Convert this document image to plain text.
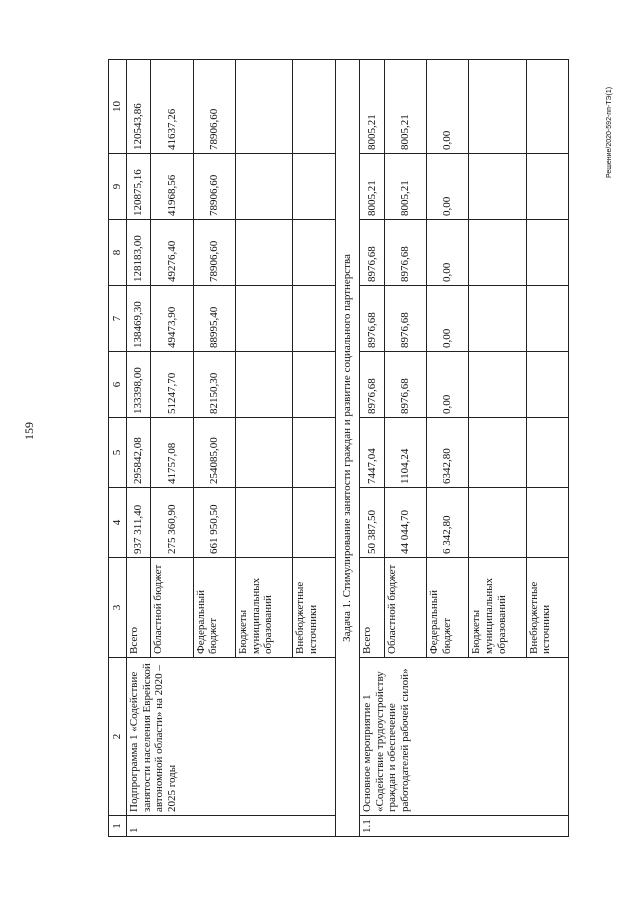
159
Решение/2020-592-пп-ТЭ(1)
1	2	3	4	5	6	7	8	9	10
1	Подпрограмма 1 «Содействие занятости населения Еврейской автономной области» на 2020 – 2025 годы	Всего	937 311,40	295842,08	133398,00	138469,30	128183,00	120875,16	120543,86
		Областной бюджет	275 360,90	41757,08	51247,70	49473,90	49276,40	41968,56	41637,26
		Федеральный бюджет	661 950,50	254085,00	82150,30	88995,40	78906,60	78906,60	78906,60
		Бюджеты муниципальных образований							
		Внебюджетные источники							
Задача 1. Стимулирование занятости граждан и развитие социального партнерства									
1.1	Основное мероприятие 1 «Содействие трудоустройству граждан и обеспечение работодателей рабочей силой»	Всего	50 387,50	7447,04	8976,68	8976,68	8976,68	8005,21	8005,21
		Областной бюджет	44 044,70	1104,24	8976,68	8976,68	8976,68	8005,21	8005,21
		Федеральный бюджет	6 342,80	6342,80	0,00	0,00	0,00	0,00	0,00
		Бюджеты муниципальных образований							
		Внебюджетные источники							
